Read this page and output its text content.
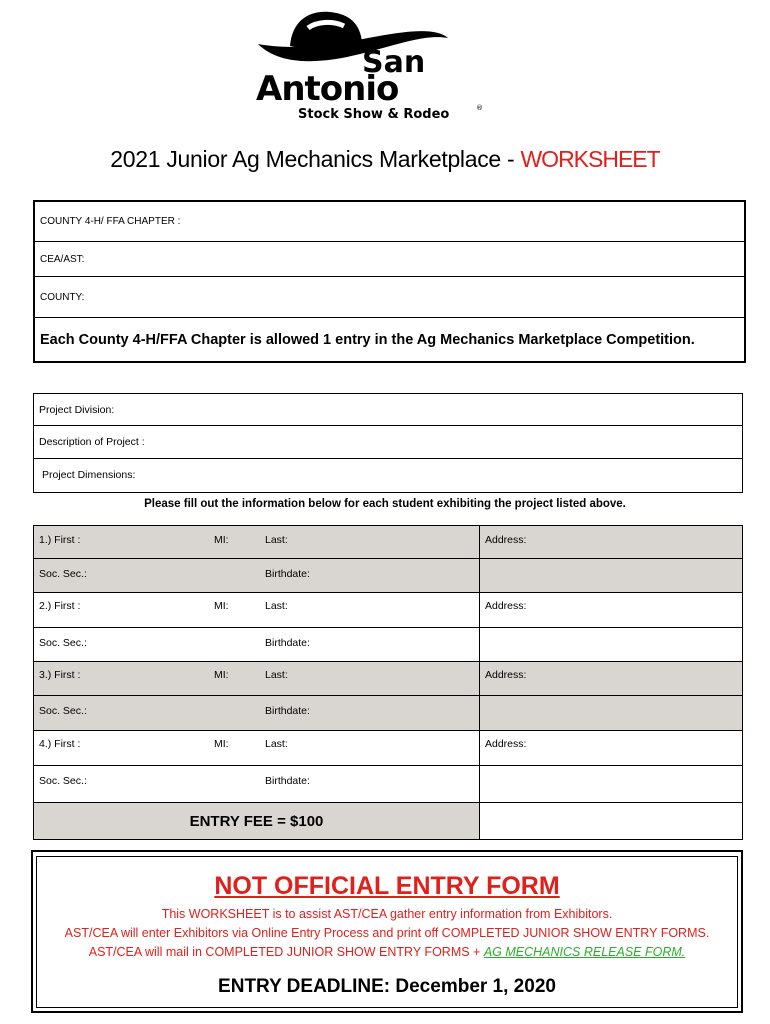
San
Antonio
Stock Show & Rodeo	®
2021 Junior Ag Mechanics Marketplace - WORKSHEET
COUNTY 4-H/ FFA CHAPTER :
CEA/AST:
COUNTY:
Each County 4-H/FFA Chapter is allowed 1 entry in the Ag Mechanics Marketplace Competition.
Project Division:
Description of Project :
Project Dimensions:
Please fill out the information below for each student exhibiting the project listed above.
1.) First :	MI:	Last:	Address:
Soc. Sec.:	Birthdate:
2.) First :	MI:	Last:	Address:
Soc. Sec.:	Birthdate:
3.) First :	MI:	Last:	Address:
Soc. Sec.:	Birthdate:
4.) First :	MI:	Last:	Address:
Soc. Sec.:	Birthdate:
ENTRY FEE = $100
NOT OFFICIAL ENTRY FORM
This WORKSHEET is to assist AST/CEA gather entry information from Exhibitors.
AST/CEA will enter Exhibitors via Online Entry Process and print off COMPLETED JUNIOR SHOW ENTRY FORMS.
AST/CEA will mail in COMPLETED JUNIOR SHOW ENTRY FORMS + AG MECHANICS RELEASE FORM.
ENTRY DEADLINE: December 1, 2020
